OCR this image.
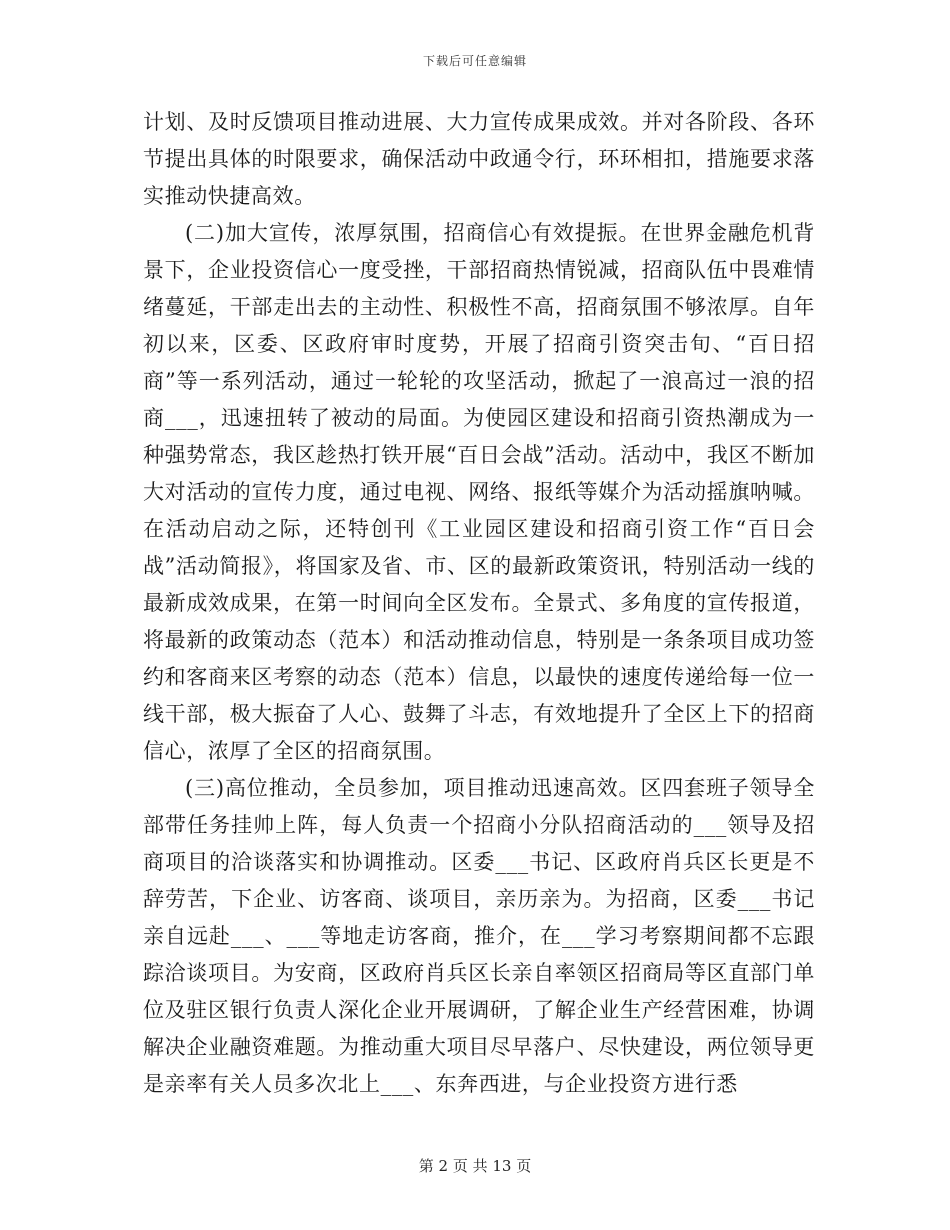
下载后可任意编辑

计划、及时反馈项目推动进展、大力宣传成果成效。并对各阶段、各环节提出具体的时限要求，确保活动中政通令行，环环相扣，措施要求落实推动快捷高效。

(二)加大宣传，浓厚氛围，招商信心有效提振。在世界金融危机背景下，企业投资信心一度受挫，干部招商热情锐减，招商队伍中畏难情绪蔓延，干部走出去的主动性、积极性不高，招商氛围不够浓厚。自年初以来，区委、区政府审时度势，开展了招商引资突击旬、“百日招商”等一系列活动，通过一轮轮的攻坚活动，掀起了一浪高过一浪的招商___，迅速扭转了被动的局面。为使园区建设和招商引资热潮成为一种强势常态，我区趁热打铁开展“百日会战”活动。活动中，我区不断加大对活动的宣传力度，通过电视、网络、报纸等媒介为活动摇旗呐喊。在活动启动之际，还特创刊《工业园区建设和招商引资工作“百日会战”活动简报》，将国家及省、市、区的最新政策资讯，特别活动一线的最新成效成果，在第一时间向全区发布。全景式、多角度的宣传报道，将最新的政策动态（范本）和活动推动信息，特别是一条条项目成功签约和客商来区考察的动态（范本）信息，以最快的速度传递给每一位一线干部，极大振奋了人心、鼓舞了斗志，有效地提升了全区上下的招商信心，浓厚了全区的招商氛围。

(三)高位推动，全员参加，项目推动迅速高效。区四套班子领导全部带任务挂帅上阵，每人负责一个招商小分队招商活动的___领导及招商项目的洽谈落实和协调推动。区委___书记、区政府肖兵区长更是不辞劳苦，下企业、访客商、谈项目，亲历亲为。为招商，区委___书记亲自远赴___、___等地走访客商，推介，在___学习考察期间都不忘跟踪洽谈项目。为安商，区政府肖兵区长亲自率领区招商局等区直部门单位及驻区银行负责人深化企业开展调研，了解企业生产经营困难，协调解决企业融资难题。为推动重大项目尽早落户、尽快建设，两位领导更是亲率有关人员多次北上___、东奔西进，与企业投资方进行悉

第 2 页 共 13 页
